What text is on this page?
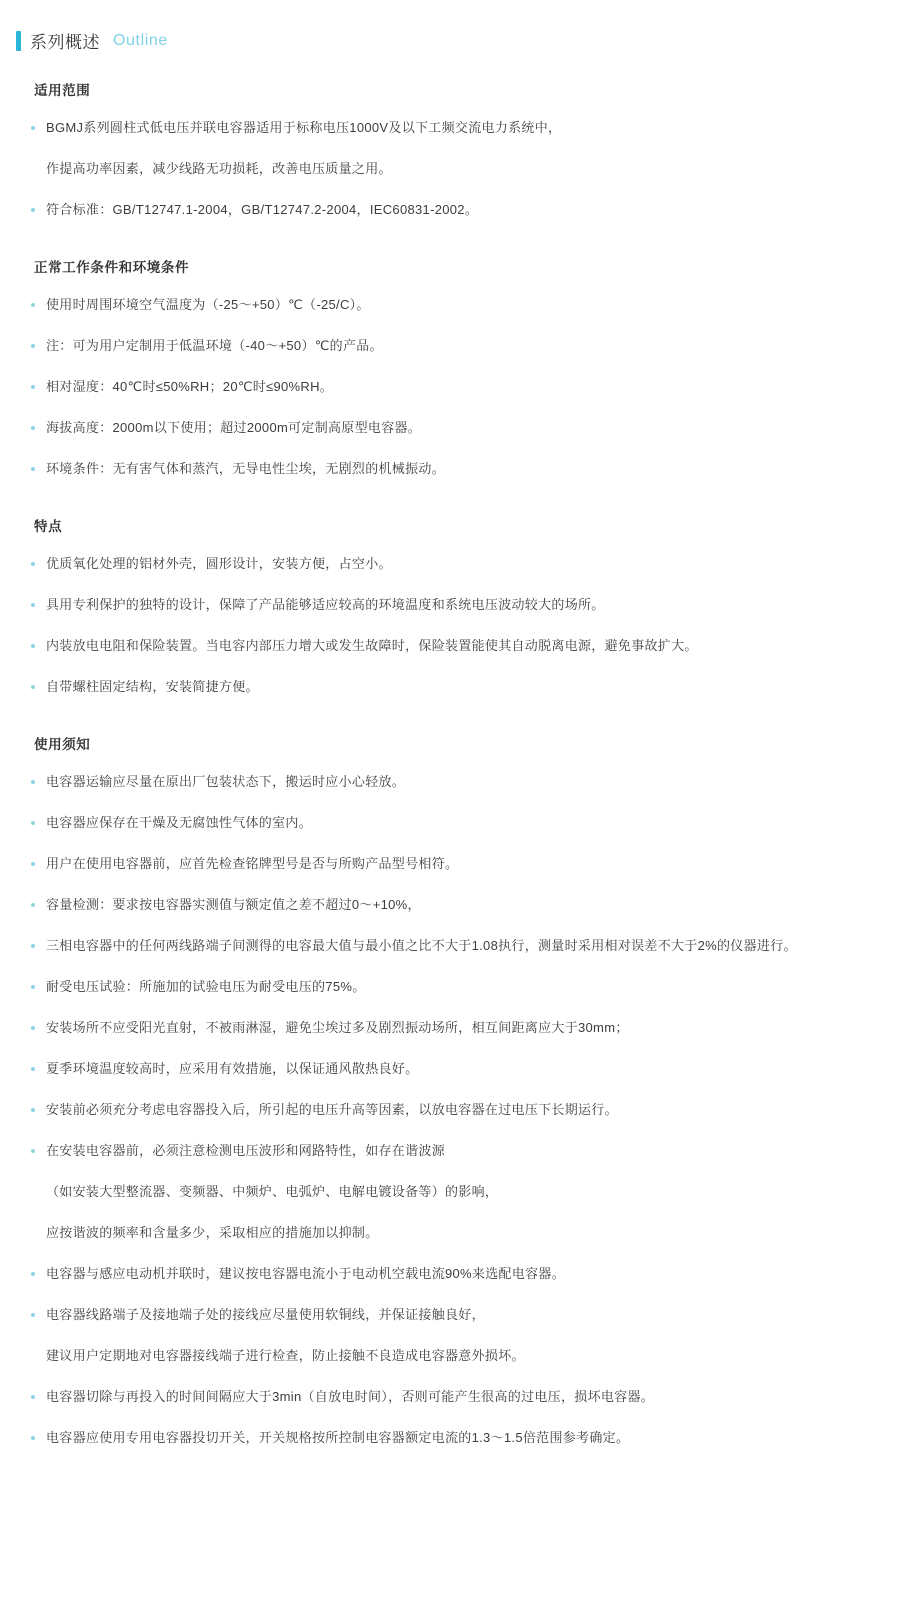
系列概述 Outline
适用范围
BGMJ系列圆柱式低电压并联电容器适用于标称电压1000V及以下工频交流电力系统中，
作提高功率因素，减少线路无功损耗，改善电压质量之用。
符合标准：GB/T12747.1-2004，GB/T12747.2-2004，IEC60831-2002。
正常工作条件和环境条件
使用时周围环境空气温度为（-25～+50）℃（-25/C）。
注：可为用户定制用于低温环境（-40～+50）℃的产品。
相对湿度：40℃时≤50%RH；20℃时≤90%RH。
海拔高度：2000m以下使用；超过2000m可定制高原型电容器。
环境条件：无有害气体和蒸汽，无导电性尘埃，无剧烈的机械振动。
特点
优质氧化处理的铝材外壳，圆形设计，安装方便，占空小。
具用专利保护的独特的设计，保障了产品能够适应较高的环境温度和系统电压波动较大的场所。
内装放电电阻和保险装置。当电容内部压力增大或发生故障时，保险装置能使其自动脱离电源，避免事故扩大。
自带螺柱固定结构，安装简捷方便。
使用须知
电容器运输应尽量在原出厂包装状态下，搬运时应小心轻放。
电容器应保存在干燥及无腐蚀性气体的室内。
用户在使用电容器前，应首先检查铭牌型号是否与所购产品型号相符。
容量检测：要求按电容器实测值与额定值之差不超过0～+10%，
三相电容器中的任何两线路端子间测得的电容最大值与最小值之比不大于1.08执行，测量时采用相对误差不大于2%的仪器进行。
耐受电压试验：所施加的试验电压为耐受电压的75%。
安装场所不应受阳光直射，不被雨淋湿，避免尘埃过多及剧烈振动场所，相互间距离应大于30mm；
夏季环境温度较高时，应采用有效措施，以保证通风散热良好。
安装前必须充分考虑电容器投入后，所引起的电压升高等因素，以放电容器在过电压下长期运行。
在安装电容器前，必须注意检测电压波形和网路特性，如存在谐波源
（如安装大型整流器、变频器、中频炉、电弧炉、电解电镀设备等）的影响，
应按谐波的频率和含量多少，采取相应的措施加以抑制。
电容器与感应电动机并联时，建议按电容器电流小于电动机空载电流90%来选配电容器。
电容器线路端子及接地端子处的接线应尽量使用软铜线，并保证接触良好，
建议用户定期地对电容器接线端子进行检查，防止接触不良造成电容器意外损坏。
电容器切除与再投入的时间间隔应大于3min（自放电时间），否则可能产生很高的过电压，损坏电容器。
电容器应使用专用电容器投切开关，开关规格按所控制电容器额定电流的1.3～1.5倍范围参考确定。
